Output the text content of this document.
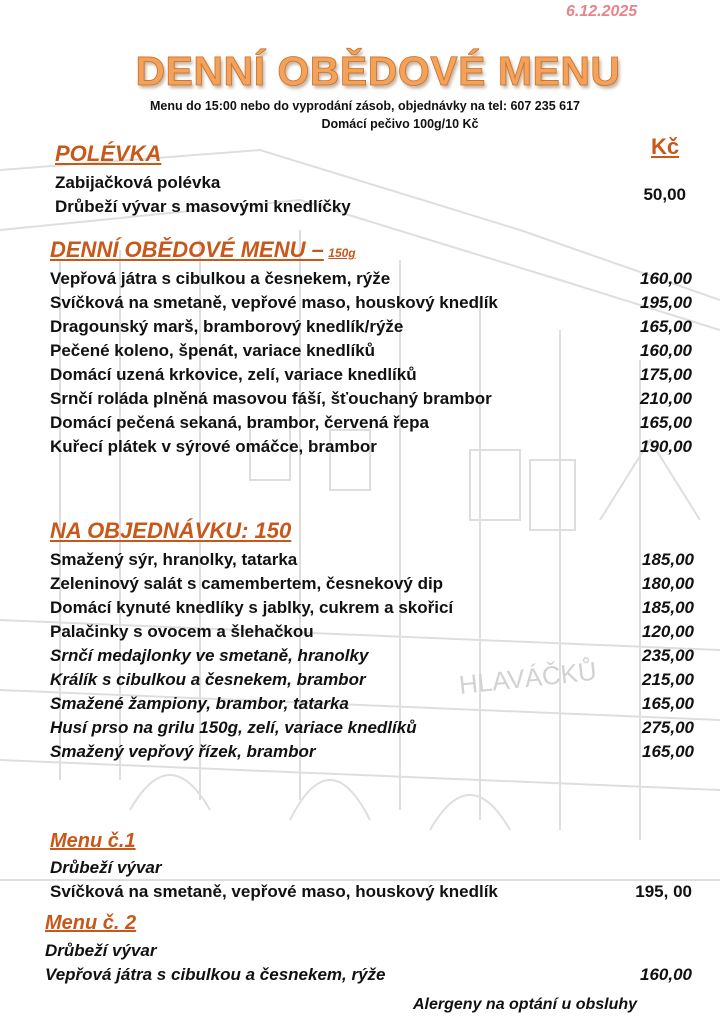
HLAVÁČKŮ
6.12.2025
DENNÍ OBĚDOVÉ MENU
Menu do 15:00 nebo do vyprodání zásob, objednávky na tel: 607 235 617
Domácí pečivo 100g/10 Kč
Kč
POLÉVKA
Zabijačková polévka
Drůbeží vývar s masovými knedlíčky
50,00
DENNÍ OBĚDOVÉ MENU – 150g
Vepřová játra s cibulkou a česnekem, rýže	160,00
Svíčková na smetaně, vepřové maso, houskový knedlík	195,00
Dragounský marš, bramborový knedlík/rýže	165,00
Pečené koleno, špenát, variace knedlíků	160,00
Domácí uzená krkovice, zelí, variace knedlíků	175,00
Srnčí roláda plněná masovou fáší, šťouchaný brambor	210,00
Domácí pečená sekaná, brambor, červená řepa	165,00
Kuřecí plátek v sýrové omáčce, brambor	190,00
NA OBJEDNÁVKU: 150
Smažený sýr, hranolky, tatarka	185,00
Zeleninový salát s camembertem, česnekový dip	180,00
Domácí kynuté knedlíky s jablky, cukrem a skořicí	185,00
Palačinky s ovocem a šlehačkou	120,00
Srnčí medajlonky ve smetaně, hranolky	235,00
Králík s cibulkou a česnekem, brambor	215,00
Smažené žampiony, brambor, tatarka	165,00
Husí prso na grilu 150g, zelí, variace knedlíků	275,00
Smažený vepřový řízek, brambor	165,00
Menu č.1
Drůbeží vývar
Svíčková na smetaně, vepřové maso, houskový knedlík	195, 00
Menu č. 2
Drůbeží vývar
Vepřová játra s cibulkou a česnekem, rýže	160,00
Alergeny na optání u obsluhy
